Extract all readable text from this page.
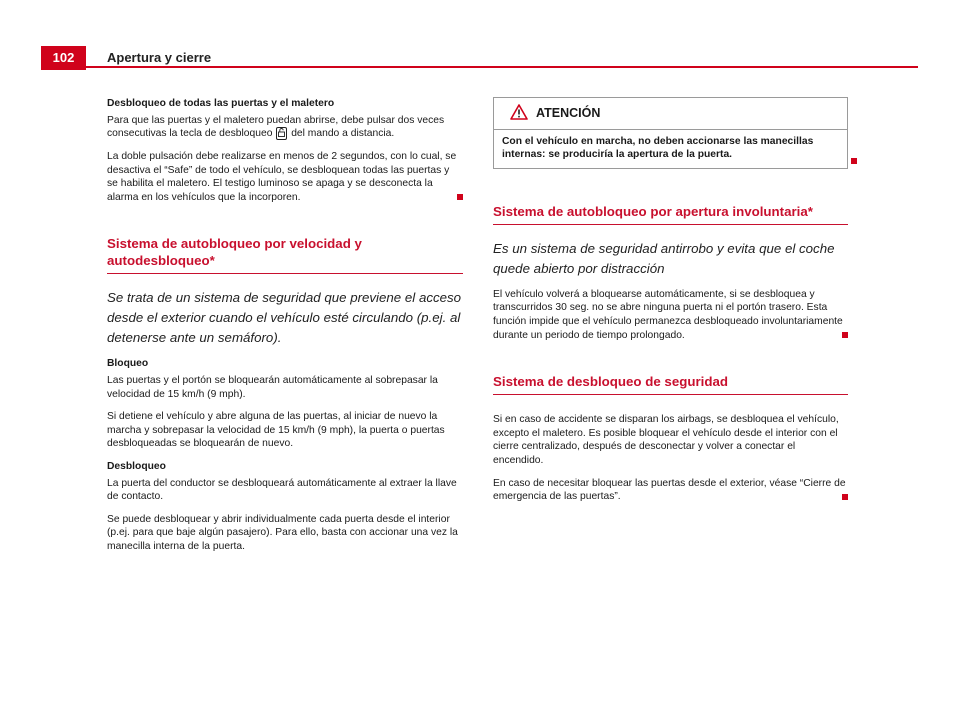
102	Apertura y cierre

Desbloqueo de todas las puertas y el maletero

Para que las puertas y el maletero puedan abrirse, debe pulsar dos veces consecutivas la tecla de desbloqueo del mando a distancia.

La doble pulsación debe realizarse en menos de 2 segundos, con lo cual, se desactiva el “Safe” de todo el vehículo, se desbloquean todas las puertas y se habilita el maletero. El testigo luminoso se apaga y se desconecta la alarma en los vehículos que la incorporen.

Sistema de autobloqueo por velocidad y autodesbloqueo*

Se trata de un sistema de seguridad que previene el acceso desde el exterior cuando el vehículo esté circulando (p.ej. al detenerse ante un semáforo).

Bloqueo

Las puertas y el portón se bloquearán automáticamente al sobrepasar la velocidad de 15 km/h (9 mph).

Si detiene el vehículo y abre alguna de las puertas, al iniciar de nuevo la marcha y sobrepasar la velocidad de 15 km/h (9 mph), la puerta o puertas desbloqueadas se bloquearán de nuevo.

Desbloqueo

La puerta del conductor se desbloqueará automáticamente al extraer la llave de contacto.

Se puede desbloquear y abrir individualmente cada puerta desde el interior (p.ej. para que baje algún pasajero). Para ello, basta con accionar una vez la manecilla interna de la puerta.

ATENCIÓN
Con el vehículo en marcha, no deben accionarse las manecillas internas: se produciría la apertura de la puerta.
Sistema de autobloqueo por apertura involuntaria*

Es un sistema de seguridad antirrobo y evita que el coche quede abierto por distracción

El vehículo volverá a bloquearse automáticamente, si se desbloquea y transcurridos 30 seg. no se abre ninguna puerta ni el portón trasero. Esta función impide que el vehículo permanezca desbloqueado involuntariamente durante un periodo de tiempo prolongado.

Sistema de desbloqueo de seguridad

Si en caso de accidente se disparan los airbags, se desbloquea el vehículo, excepto el maletero. Es posible bloquear el vehículo desde el interior con el cierre centralizado, después de desconectar y volver a conectar el encendido.

En caso de necesitar bloquear las puertas desde el exterior, véase “Cierre de emergencia de las puertas”.
